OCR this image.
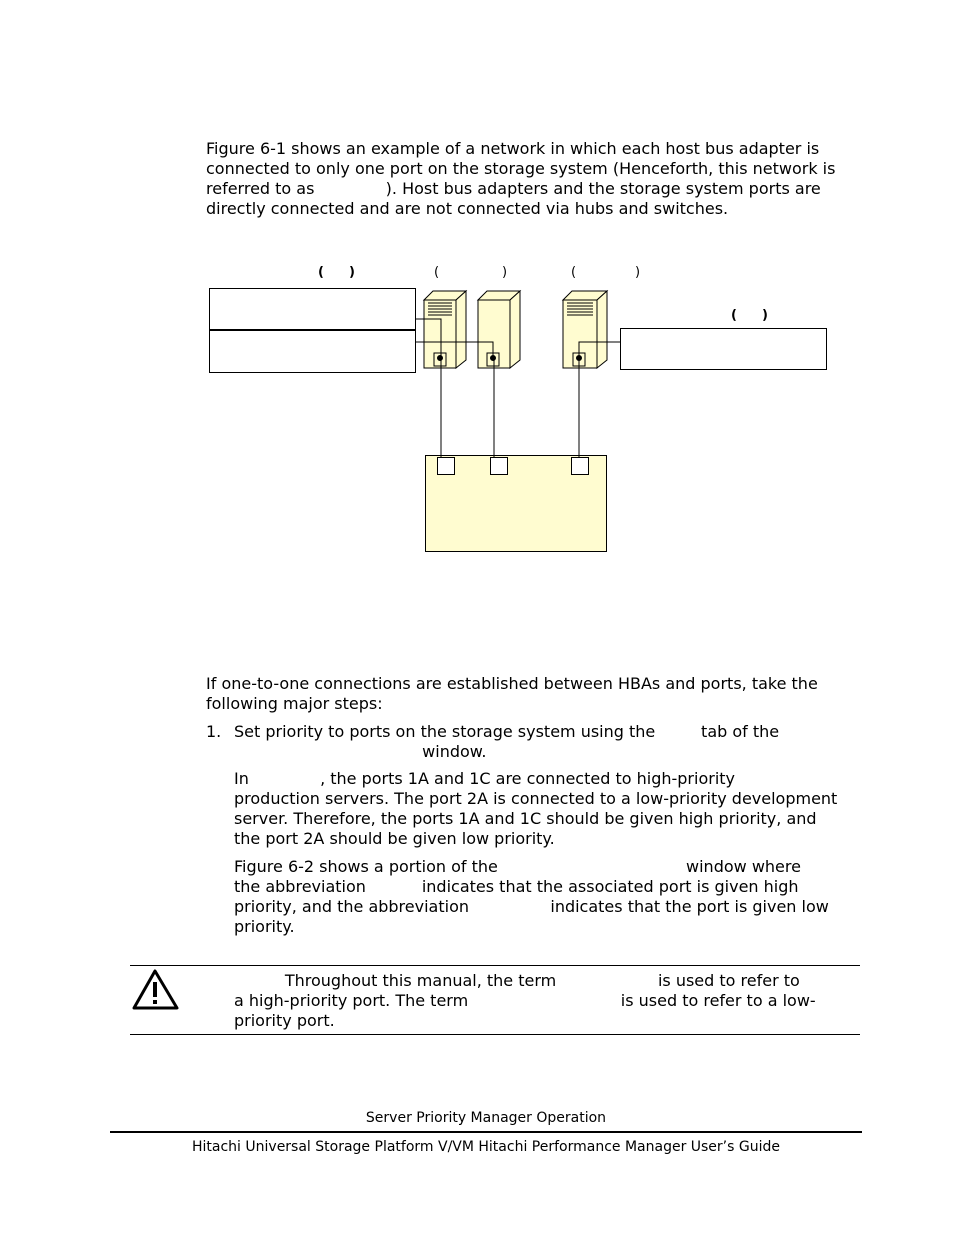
Figure 6-1 shows an example of a network in which each host bus adapter is
connected to only one port on the storage system (Henceforth, this network is
referred to as              ). Host bus adapters and the storage system ports are
directly connected and are not connected via hubs and switches.
( )	(	)	(	)
( )
If one-to-one connections are established between HBAs and ports, take the
following major steps:
1. Set priority to ports on the storage system using the         tab of the
window.
In              , the ports 1A and 1C are connected to high-priority
production servers. The port 2A is connected to a low-priority development
server. Therefore, the ports 1A and 1C should be given high priority, and
the port 2A should be given low priority.
Figure 6-2 shows a portion of the                                     window where
the abbreviation           indicates that the associated port is given high
priority, and the abbreviation                indicates that the port is given low
priority.
Throughout this manual, the term                    is used to refer to
a high-priority port. The term                              is used to refer to a low-
priority port.
Server Priority Manager Operation
Hitachi Universal Storage Platform V/VM Hitachi Performance Manager User’s Guide
